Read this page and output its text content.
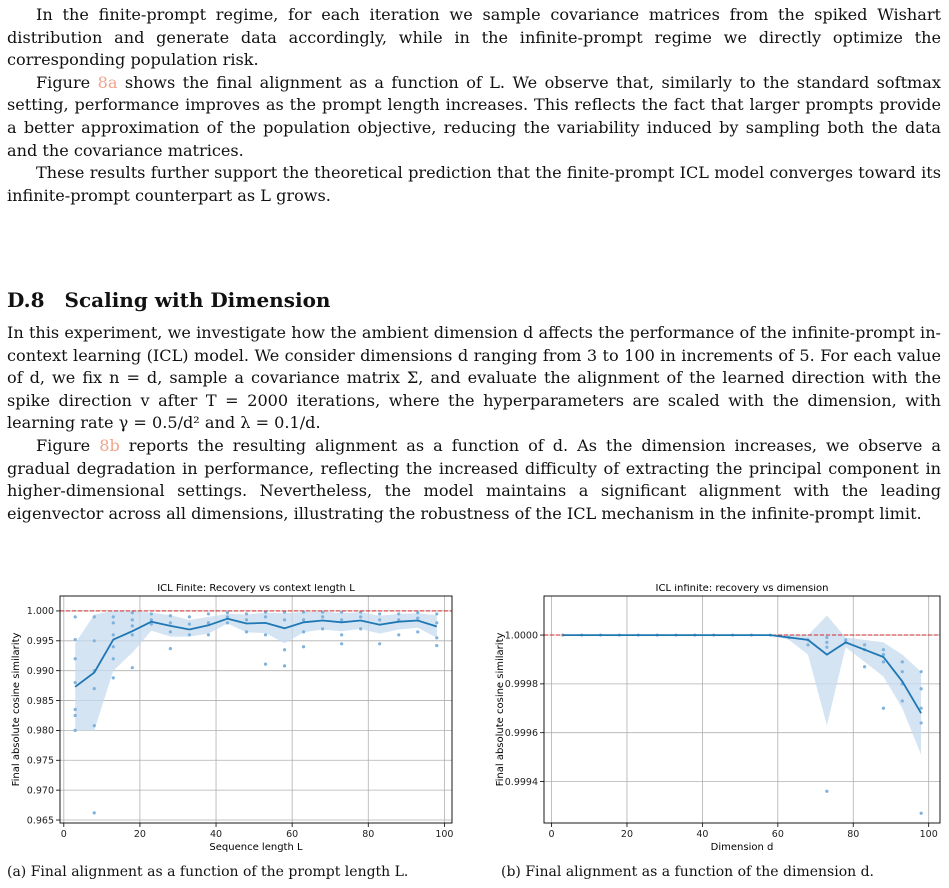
In the finite-prompt regime, for each iteration we sample covariance matrices from the spiked Wishart distribution and generate data accordingly, while in the infinite-prompt regime we directly optimize the corresponding population risk.

Figure 8a shows the final alignment as a function of L. We observe that, similarly to the standard softmax setting, performance improves as the prompt length increases. This reflects the fact that larger prompts provide a better approximation of the population objective, reducing the variability induced by sampling both the data and the covariance matrices.

These results further support the theoretical prediction that the finite-prompt ICL model converges toward its infinite-prompt counterpart as L grows.

D.8 Scaling with Dimension

In this experiment, we investigate how the ambient dimension d affects the performance of the infinite-prompt in-context learning (ICL) model. We consider dimensions d ranging from 3 to 100 in increments of 5. For each value of d, we fix n = d, sample a covariance matrix Σ, and evaluate the alignment of the learned direction with the spike direction v after T = 2000 iterations, where the hyperparameters are scaled with the dimension, with learning rate γ = 0.5/d² and λ = 0.1/d.

Figure 8b reports the resulting alignment as a function of d. As the dimension increases, we observe a gradual degradation in performance, reflecting the increased difficulty of extracting the principal component in higher-dimensional settings. Nevertheless, the model maintains a significant alignment with the leading eigenvector across all dimensions, illustrating the robustness of the ICL mechanism in the infinite-prompt limit.

0	20	40	60	80	100
0.965
0.970
0.975
0.980
0.985
0.990
0.995
1.000
ICL Finite: Recovery vs context length L
Sequence length L
Final absolute cosine similarity
0	20	40	60	80	100
0.9994
0.9996
0.9998
1.0000
ICL infinite: recovery vs dimension
Dimension d
Final absolute cosine similarity
(a) Final alignment as a function of the prompt length L.	(b) Final alignment as a function of the dimension d.
